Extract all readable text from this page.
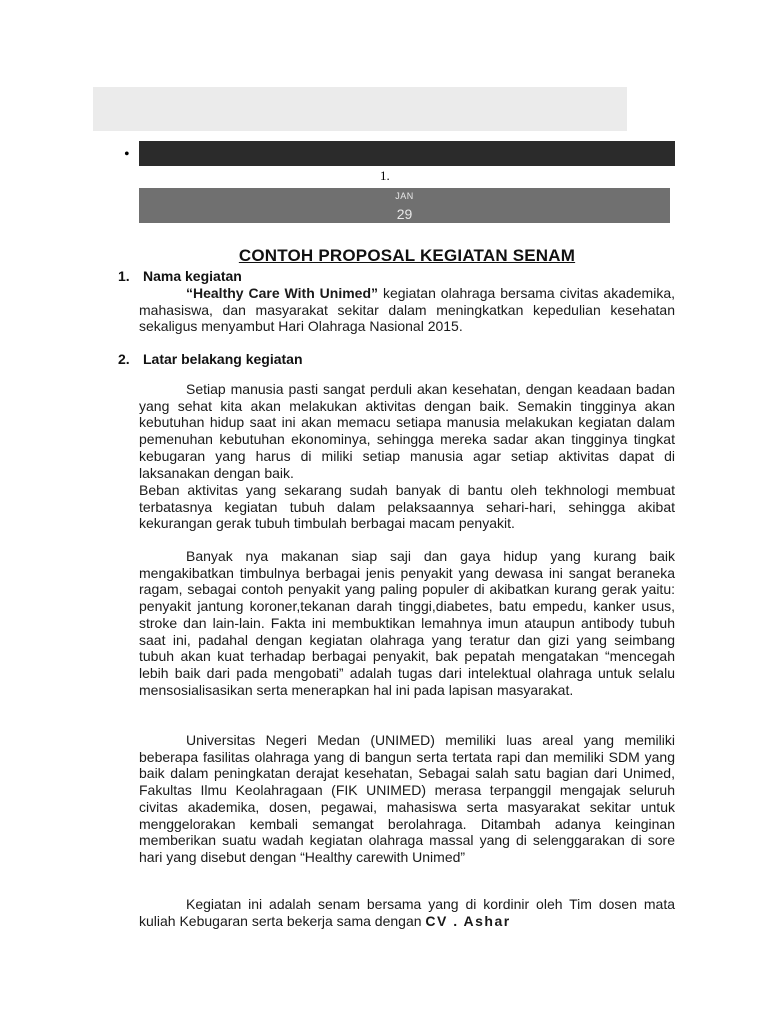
•
1.
JAN
29
CONTOH PROPOSAL KEGIATAN SENAM
1. Nama kegiatan
“Healthy Care With Unimed” kegiatan olahraga bersama civitas akademika, mahasiswa, dan masyarakat sekitar dalam meningkatkan kepedulian kesehatan sekaligus menyambut Hari Olahraga Nasional 2015.
2. Latar belakang kegiatan
Setiap manusia pasti sangat perduli akan kesehatan, dengan keadaan badan yang sehat kita akan melakukan aktivitas dengan baik. Semakin tingginya akan kebutuhan hidup saat ini akan memacu setiapa manusia melakukan kegiatan dalam pemenuhan kebutuhan ekonominya, sehingga mereka sadar akan tingginya tingkat kebugaran yang harus di miliki setiap manusia agar setiap aktivitas dapat di laksanakan dengan baik.
Beban aktivitas yang sekarang sudah banyak di bantu oleh tekhnologi membuat terbatasnya kegiatan tubuh dalam pelaksaannya sehari-hari, sehingga akibat kekurangan gerak tubuh timbulah berbagai macam penyakit.
Banyak nya makanan siap saji dan gaya hidup yang kurang baik mengakibatkan timbulnya berbagai jenis penyakit yang dewasa ini sangat beraneka ragam, sebagai contoh penyakit yang paling populer di akibatkan kurang gerak yaitu: penyakit jantung koroner,tekanan darah tinggi,diabetes, batu empedu, kanker usus, stroke dan lain-lain. Fakta ini membuktikan lemahnya imun ataupun antibody tubuh saat ini, padahal dengan kegiatan olahraga yang teratur dan gizi yang seimbang tubuh akan kuat terhadap berbagai penyakit, bak pepatah mengatakan “mencegah lebih baik dari pada mengobati” adalah tugas dari intelektual olahraga untuk selalu mensosialisasikan serta menerapkan hal ini pada lapisan masyarakat.
Universitas Negeri Medan (UNIMED) memiliki luas areal yang memiliki beberapa fasilitas olahraga yang di bangun serta tertata rapi dan memiliki SDM yang baik dalam peningkatan derajat kesehatan, Sebagai salah satu bagian dari Unimed, Fakultas Ilmu Keolahragaan (FIK UNIMED) merasa terpanggil mengajak seluruh civitas akademika, dosen, pegawai, mahasiswa serta masyarakat sekitar untuk menggelorakan kembali semangat berolahraga. Ditambah adanya keinginan memberikan suatu wadah kegiatan olahraga massal yang di selenggarakan di sore hari yang disebut dengan “Healthy carewith Unimed”
Kegiatan ini adalah senam bersama yang di kordinir oleh Tim dosen mata kuliah Kebugaran serta bekerja sama dengan CV . Ashar
